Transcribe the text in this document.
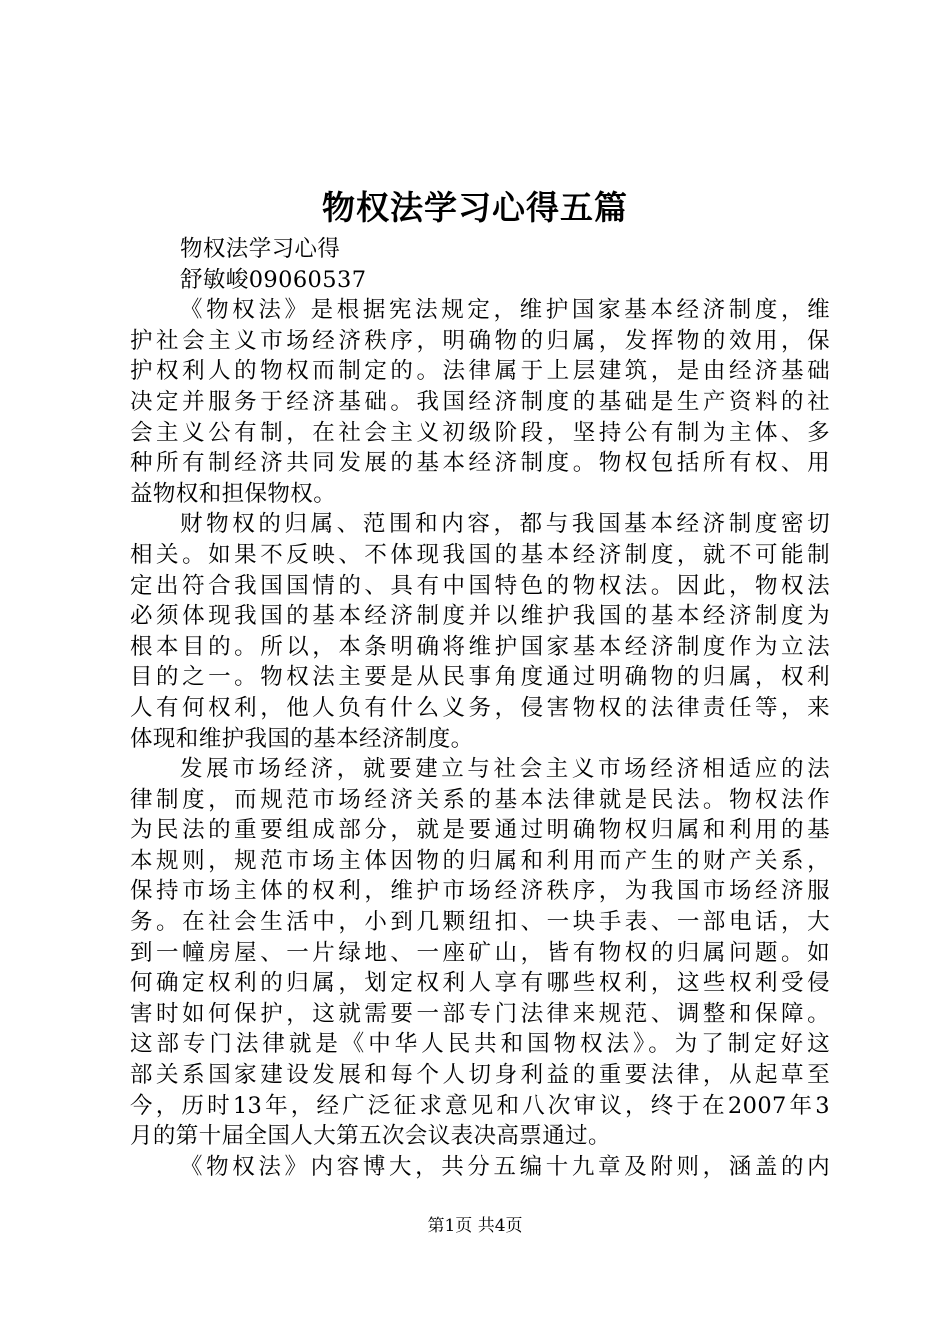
物权法学习心得五篇
物权法学习心得
舒敏峻09060537
《物权法》是根据宪法规定，维护国家基本经济制度，维
护社会主义市场经济秩序，明确物的归属，发挥物的效用，保
护权利人的物权而制定的。法律属于上层建筑，是由经济基础
决定并服务于经济基础。我国经济制度的基础是生产资料的社
会主义公有制，在社会主义初级阶段，坚持公有制为主体、多
种所有制经济共同发展的基本经济制度。物权包括所有权、用
益物权和担保物权。
财物权的归属、范围和内容，都与我国基本经济制度密切
相关。如果不反映、不体现我国的基本经济制度，就不可能制
定出符合我国国情的、具有中国特色的物权法。因此，物权法
必须体现我国的基本经济制度并以维护我国的基本经济制度为
根本目的。所以，本条明确将维护国家基本经济制度作为立法
目的之一。物权法主要是从民事角度通过明确物的归属，权利
人有何权利，他人负有什么义务，侵害物权的法律责任等，来
体现和维护我国的基本经济制度。
发展市场经济，就要建立与社会主义市场经济相适应的法
律制度，而规范市场经济关系的基本法律就是民法。物权法作
为民法的重要组成部分，就是要通过明确物权归属和利用的基
本规则，规范市场主体因物的归属和利用而产生的财产关系，
保持市场主体的权利，维护市场经济秩序，为我国市场经济服
务。在社会生活中，小到几颗纽扣、一块手表、一部电话，大
到一幢房屋、一片绿地、一座矿山，皆有物权的归属问题。如
何确定权利的归属，划定权利人享有哪些权利，这些权利受侵
害时如何保护，这就需要一部专门法律来规范、调整和保障。
这部专门法律就是《中华人民共和国物权法》。为了制定好这
部关系国家建设发展和每个人切身利益的重要法律，从起草至
今，历时13年，经广泛征求意见和八次审议，终于在2007年3
月的第十届全国人大第五次会议表决高票通过。
《物权法》内容博大，共分五编十九章及附则，涵盖的内
第1页 共4页
